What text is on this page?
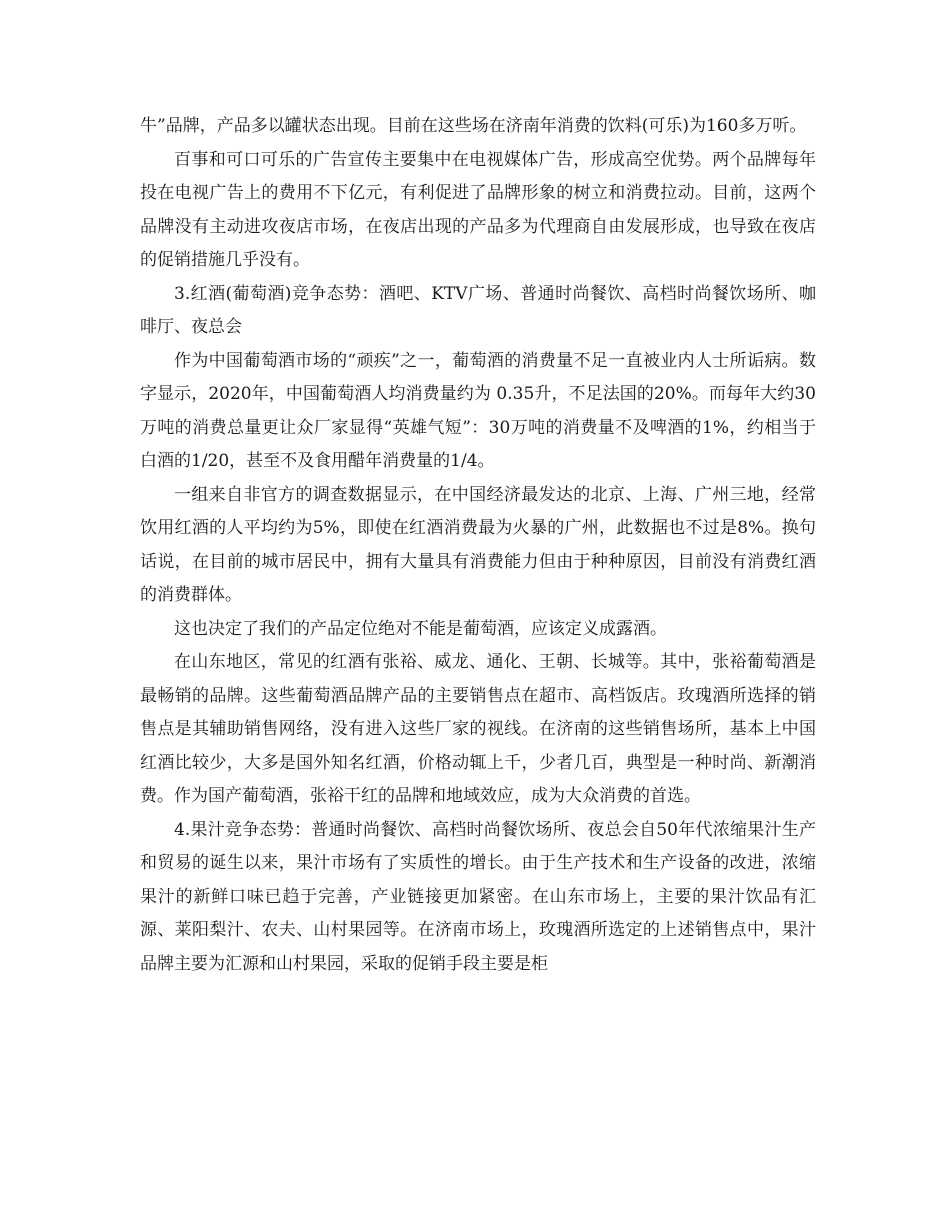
牛”品牌，产品多以罐状态出现。目前在这些场在济南年消费的饮料(可乐)为160多万听。

百事和可口可乐的广告宣传主要集中在电视媒体广告，形成高空优势。两个品牌每年投在电视广告上的费用不下亿元，有利促进了品牌形象的树立和消费拉动。目前，这两个品牌没有主动进攻夜店市场，在夜店出现的产品多为代理商自由发展形成，也导致在夜店的促销措施几乎没有。

3.红酒(葡萄酒)竞争态势：酒吧、KTV广场、普通时尚餐饮、高档时尚餐饮场所、咖啡厅、夜总会

作为中国葡萄酒市场的“顽疾”之一，葡萄酒的消费量不足一直被业内人士所诟病。数字显示，2020年，中国葡萄酒人均消费量约为 0.35升，不足法国的20%。而每年大约30万吨的消费总量更让众厂家显得“英雄气短”：30万吨的消费量不及啤酒的1%，约相当于白酒的1/20，甚至不及食用醋年消费量的1/4。

一组来自非官方的调查数据显示，在中国经济最发达的北京、上海、广州三地，经常饮用红酒的人平均约为5%，即使在红酒消费最为火暴的广州，此数据也不过是8%。换句话说，在目前的城市居民中，拥有大量具有消费能力但由于种种原因，目前没有消费红酒的消费群体。

这也决定了我们的产品定位绝对不能是葡萄酒，应该定义成露酒。

在山东地区，常见的红酒有张裕、威龙、通化、王朝、长城等。其中，张裕葡萄酒是最畅销的品牌。这些葡萄酒品牌产品的主要销售点在超市、高档饭店。玫瑰酒所选择的销售点是其辅助销售网络，没有进入这些厂家的视线。在济南的这些销售场所，基本上中国红酒比较少，大多是国外知名红酒，价格动辄上千，少者几百，典型是一种时尚、新潮消费。作为国产葡萄酒，张裕干红的品牌和地域效应，成为大众消费的首选。

4.果汁竞争态势：普通时尚餐饮、高档时尚餐饮场所、夜总会自50年代浓缩果汁生产和贸易的诞生以来，果汁市场有了实质性的增长。由于生产技术和生产设备的改进，浓缩果汁的新鲜口味已趋于完善，产业链接更加紧密。在山东市场上，主要的果汁饮品有汇源、莱阳梨汁、农夫、山村果园等。在济南市场上，玫瑰酒所选定的上述销售点中，果汁品牌主要为汇源和山村果园，采取的促销手段主要是柜
